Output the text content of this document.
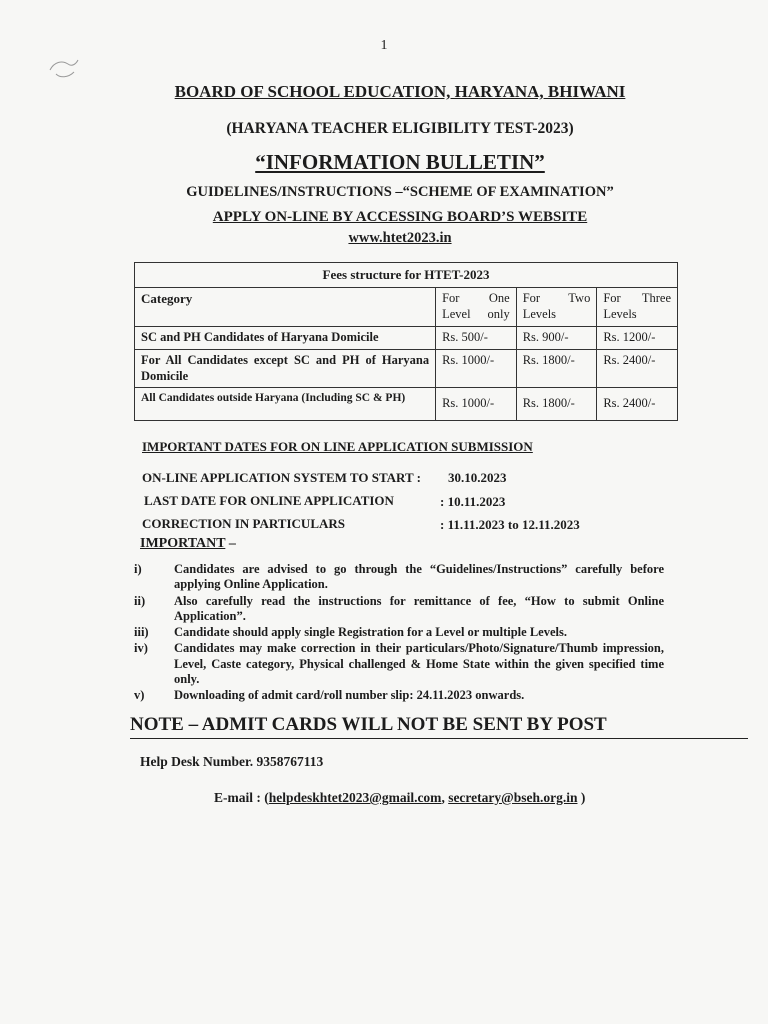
1
BOARD OF SCHOOL EDUCATION, HARYANA, BHIWANI
(HARYANA TEACHER ELIGIBILITY TEST-2023)
“INFORMATION BULLETIN”
GUIDELINES/INSTRUCTIONS –“SCHEME OF EXAMINATION”
APPLY ON-LINE BY ACCESSING BOARD’S WEBSITE
www.htet2023.in
Fees structure for HTET-2023			
Category	For One Level only	For Two Levels	For Three Levels

SC and PH Candidates of Haryana Domicile	Rs. 500/-	Rs. 900/-	Rs. 1200/-
For All Candidates except SC and PH of Haryana Domicile	Rs. 1000/-	Rs. 1800/-	Rs. 2400/-
All Candidates outside Haryana (Including SC & PH)	Rs. 1000/-	Rs. 1800/-	Rs. 2400/-
IMPORTANT DATES FOR ON LINE APPLICATION SUBMISSION
ON-LINE APPLICATION SYSTEM TO START : 30.10.2023
LAST DATE FOR ONLINE APPLICATION	: 10.11.2023
CORRECTION IN PARTICULARS	: 11.11.2023 to 12.11.2023
IMPORTANT –
i)	Candidates are advised to go through the “Guidelines/Instructions” carefully before applying Online Application.
ii)	Also carefully read the instructions for remittance of fee, “How to submit Online Application”.
iii)	Candidate should apply single Registration for a Level or multiple Levels.
iv)	Candidates may make correction in their particulars/Photo/Signature/Thumb impression, Level, Caste category, Physical challenged & Home State within the given specified time only.
v)	Downloading of admit card/roll number slip: 24.11.2023 onwards.
NOTE – ADMIT CARDS WILL NOT BE SENT BY POST
Help Desk Number. 9358767113
E-mail : (helpdeskhtet2023@gmail.com, secretary@bseh.org.in )
